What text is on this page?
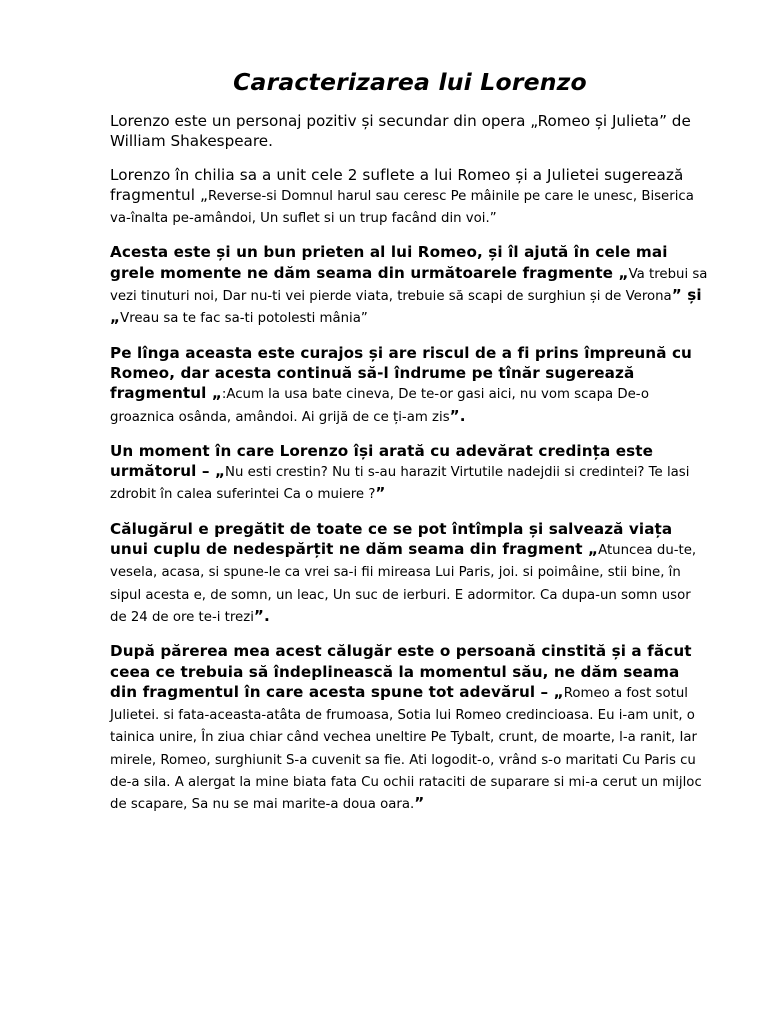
Caracterizarea lui Lorenzo

Lorenzo este un personaj pozitiv și secundar din opera „Romeo și Julieta” de William Shakespeare.

Lorenzo în chilia sa a unit cele 2 suflete a lui Romeo și a Julietei sugerează fragmentul „Reverse-si Domnul harul sau ceresc Pe mâinile pe care le unesc, Biserica va-înalta pe-amândoi, Un suflet si un trup facând din voi.”

Acesta este și un bun prieten al lui Romeo, și îl ajută în cele mai grele momente ne dăm seama din următoarele fragmente „Va trebui sa vezi tinuturi noi, Dar nu-ti vei pierde viata, trebuie să scapi de surghiun și de Verona” și „Vreau sa te fac sa-ti potolesti mânia”

Pe lînga aceasta este curajos și are riscul de a fi prins împreună cu Romeo, dar acesta continuă să-l îndrume pe tînăr sugerează fragmentul „:Acum la usa bate cineva, De te-or gasi aici, nu vom scapa De-o groaznica osânda, amândoi. Ai grijă de ce ți-am zis”.

Un moment în care Lorenzo își arată cu adevărat credința este următorul – „Nu esti crestin? Nu ti s-au harazit Virtutile nadejdii si credintei? Te lasi zdrobit în calea suferintei Ca o muiere ?”

Călugărul e pregătit de toate ce se pot întîmpla și salvează viața unui cuplu de nedespărțit ne dăm seama din fragment „Atuncea du-te, vesela, acasa, si spune-le ca vrei sa-i fii mireasa Lui Paris, joi. si poimâine, stii bine, în sipul acesta e, de somn, un leac, Un suc de ierburi. E adormitor. Ca dupa-un somn usor de 24 de ore te-i trezi”.

După părerea mea acest călugăr este o persoană cinstită și a făcut ceea ce trebuia să îndeplinească la momentul său, ne dăm seama din fragmentul în care acesta spune tot adevărul – „Romeo a fost sotul Julietei. si fata-aceasta-atâta de frumoasa, Sotia lui Romeo credincioasa. Eu i-am unit, o tainica unire, În ziua chiar când vechea uneltire Pe Tybalt, crunt, de moarte, l-a ranit, Iar mirele, Romeo, surghiunit S-a cuvenit sa fie. Ati logodit-o, vrând s-o maritati Cu Paris cu de-a sila. A alergat la mine biata fata Cu ochii rataciti de suparare si mi-a cerut un mijloc de scapare, Sa nu se mai marite-a doua oara.”
